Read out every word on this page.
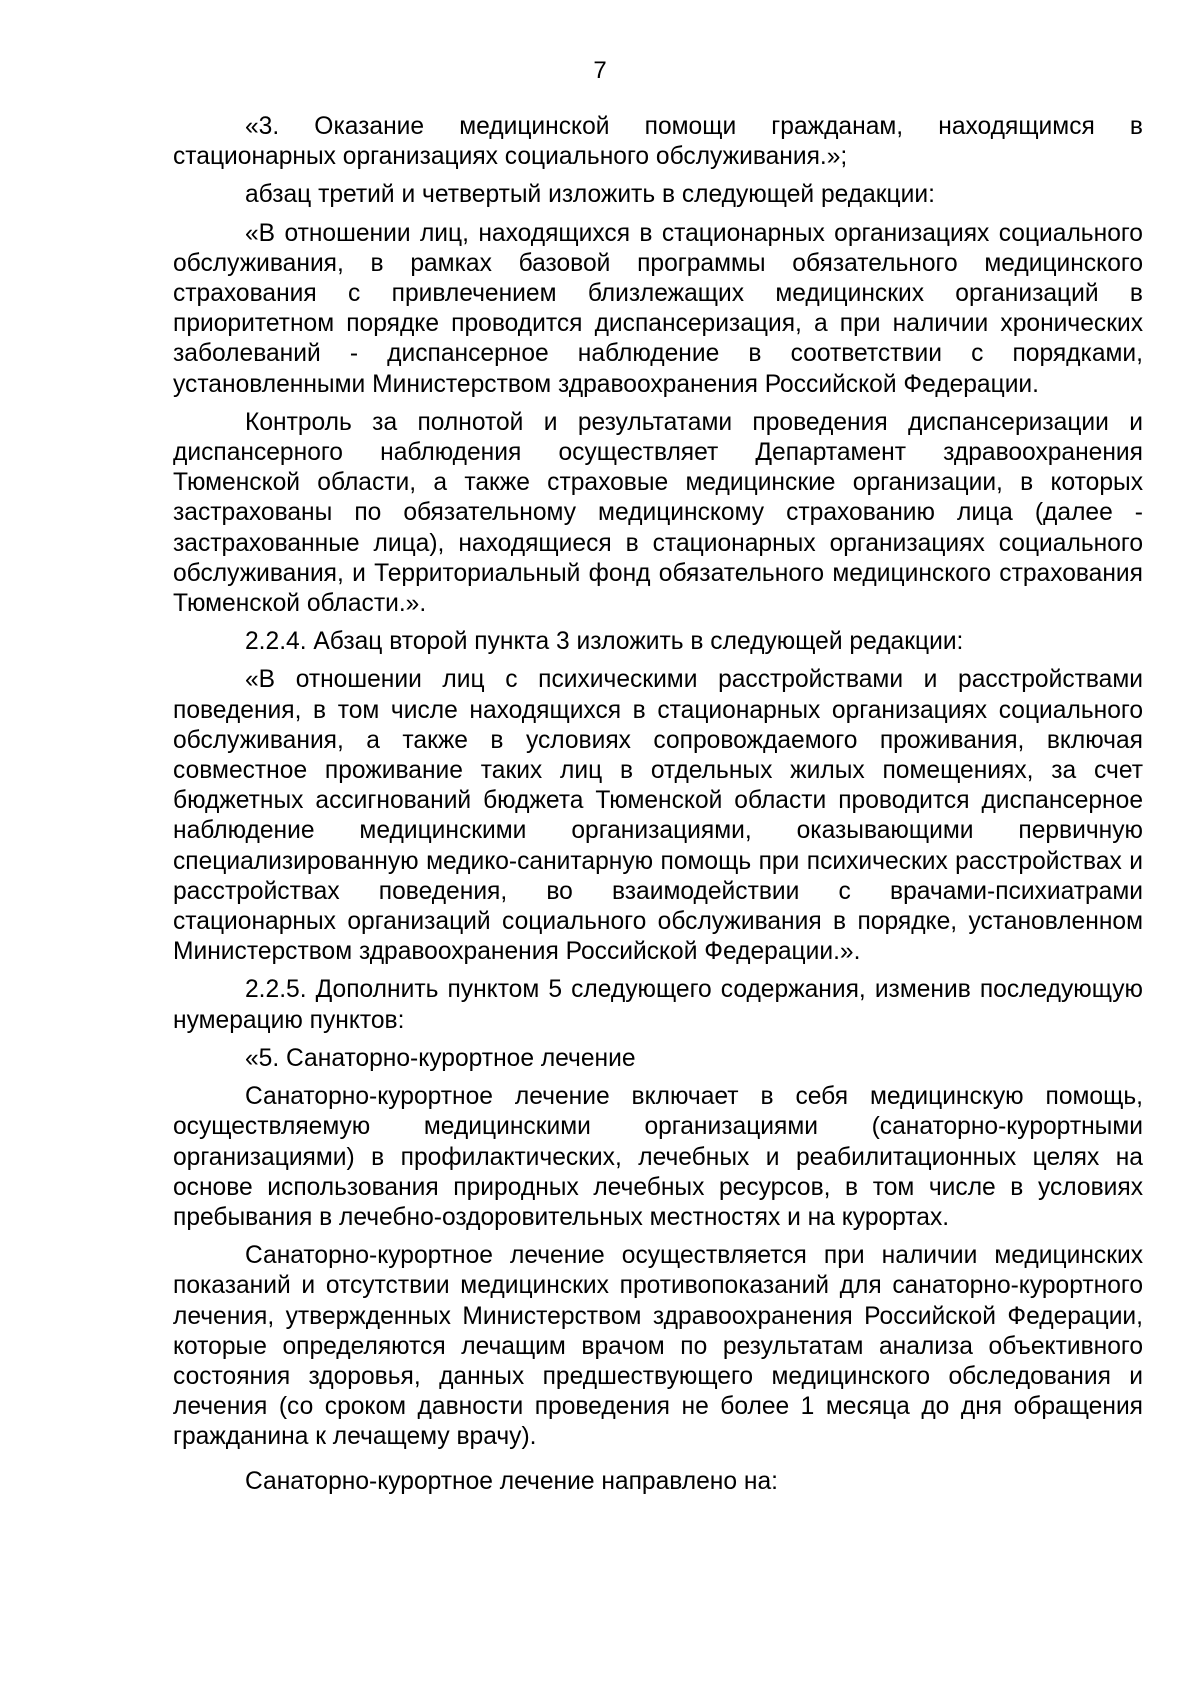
7

«3. Оказание медицинской помощи гражданам, находящимся в стационарных организациях социального обслуживания.»;

абзац третий и четвертый изложить в следующей редакции:

«В отношении лиц, находящихся в стационарных организациях социального обслуживания, в рамках базовой программы обязательного медицинского страхования с привлечением близлежащих медицинских организаций в приоритетном порядке проводится диспансеризация, а при наличии хронических заболеваний - диспансерное наблюдение в соответствии с порядками, установленными Министерством здравоохранения Российской Федерации.

Контроль за полнотой и результатами проведения диспансеризации и диспансерного наблюдения осуществляет Департамент здравоохранения Тюменской области, а также страховые медицинские организации, в которых застрахованы по обязательному медицинскому страхованию лица (далее - застрахованные лица), находящиеся в стационарных организациях социального обслуживания, и Территориальный фонд обязательного медицинского страхования Тюменской области.».

2.2.4. Абзац второй пункта 3 изложить в следующей редакции:

«В отношении лиц с психическими расстройствами и расстройствами поведения, в том числе находящихся в стационарных организациях социального обслуживания, а также в условиях сопровождаемого проживания, включая совместное проживание таких лиц в отдельных жилых помещениях, за счет бюджетных ассигнований бюджета Тюменской области проводится диспансерное наблюдение медицинскими организациями, оказывающими первичную специализированную медико-санитарную помощь при психических расстройствах и расстройствах поведения, во взаимодействии с врачами-психиатрами стационарных организаций социального обслуживания в порядке, установленном Министерством здравоохранения Российской Федерации.».

2.2.5. Дополнить пунктом 5 следующего содержания, изменив последующую нумерацию пунктов:

«5. Санаторно-курортное лечение

Санаторно-курортное лечение включает в себя медицинскую помощь, осуществляемую медицинскими организациями (санаторно-курортными организациями) в профилактических, лечебных и реабилитационных целях на основе использования природных лечебных ресурсов, в том числе в условиях пребывания в лечебно-оздоровительных местностях и на курортах.

Санаторно-курортное лечение осуществляется при наличии медицинских показаний и отсутствии медицинских противопоказаний для санаторно-курортного лечения, утвержденных Министерством здравоохранения Российской Федерации, которые определяются лечащим врачом по результатам анализа объективного состояния здоровья, данных предшествующего медицинского обследования и лечения (со сроком давности проведения не более 1 месяца до дня обращения гражданина к лечащему врачу).

Санаторно-курортное лечение направлено на:
